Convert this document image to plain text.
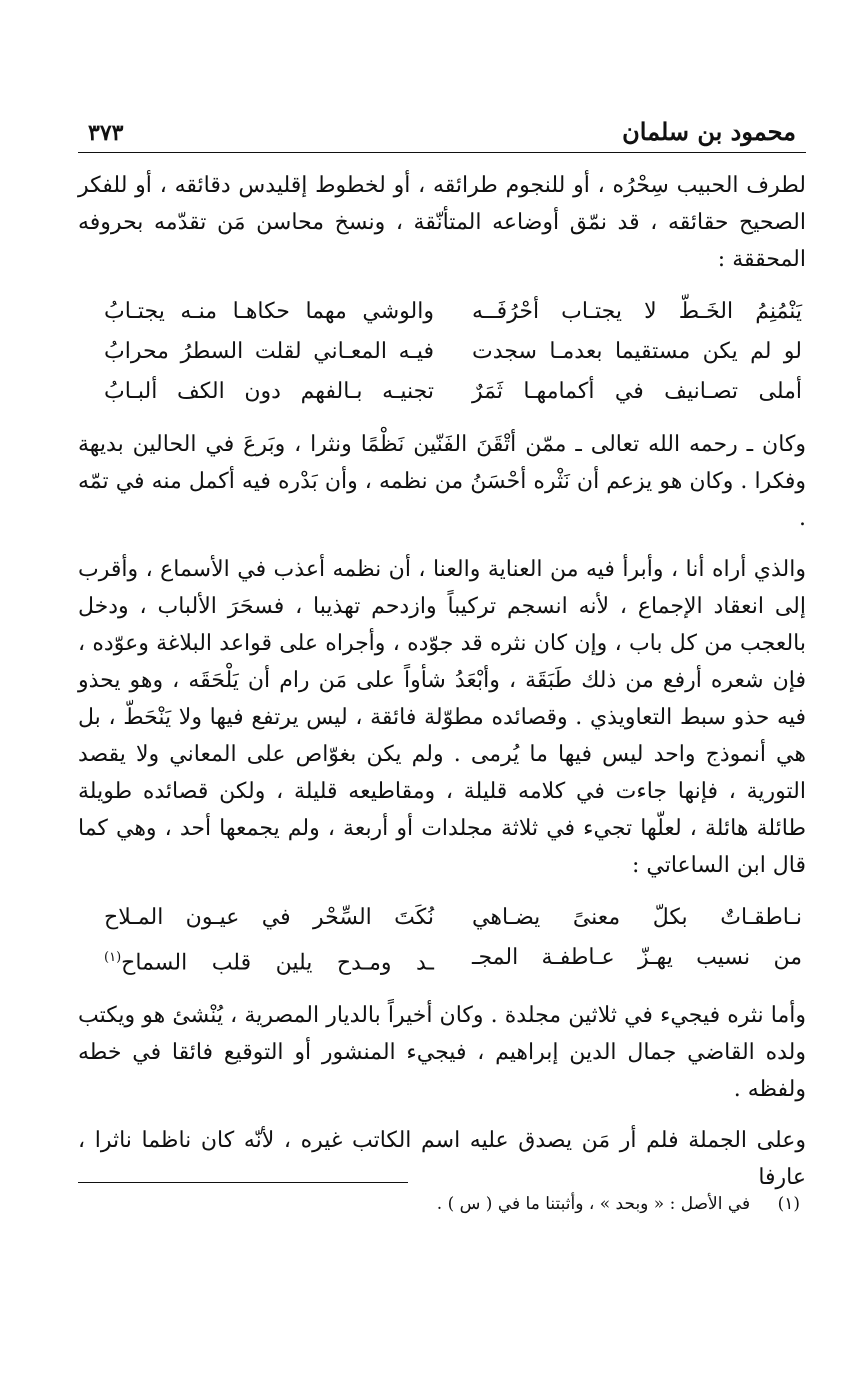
محمود بن سلمان
٣٧٣

لطرف الحبيب سِحْرُه ، أو للنجوم طرائقه ، أو لخطوط إقليدس دقائقه ، أو للفكر الصحيح حقائقه ، قد نمّق أوضاعه المتأنّقة ، ونسخ محاسن مَن تقدّمه بحروفه المحققة :

يَنْمُنِمُ الخَـطّ لا يجتـاب أحْرُفَــه
والوشي مهما حكاهـا منـه يجتـابُ
لو لم يكن مستقيما بعدمـا سجدت
فيـه المعـاني لقلت السطرُ محرابُ
أملى تصـانيف في أكمامهـا ثَمَرٌ
تجنيـه بـالفهم دون الكف ألبـابُ

وكان ـ رحمه الله تعالى ـ ممّن أتْقَنَ الفَنّين نَظْمًا ونثرا ، وبَرعَ في الحالين بديهة وفكرا . وكان هو يزعم أن نَثْره أحْسَنُ من نظمه ، وأن بَدْره فيه أكمل منه في تمّه .

والذي أراه أنا ، وأبرأ فيه من العناية والعنا ، أن نظمه أعذب في الأسماع ، وأقرب إلى انعقاد الإجماع ، لأنه انسجم تركيباً وازدحم تهذيبا ، فسحَرَ الألباب ، ودخل بالعجب من كل باب ، وإن كان نثره قد جوّده ، وأجراه على قواعد البلاغة وعوّده ، فإن شعره أرفع من ذلك طَبَقَة ، وأبْعَدُ شأواً على مَن رام أن يَلْحَقَه ، وهو يحذو فيه حذو سبط التعاويذي . وقصائده مطوّلة فائقة ، ليس يرتفع فيها ولا يَنْحَطّ ، بل هي أنموذج واحد ليس فيها ما يُرمى . ولم يكن بغوّاص على المعاني ولا يقصد التورية ، فإنها جاءت في كلامه قليلة ، ومقاطيعه قليلة ، ولكن قصائده طويلة طائلة هائلة ، لعلّها تجيء في ثلاثة مجلدات أو أربعة ، ولم يجمعها أحد ، وهي كما قال ابن الساعاتي :

نـاطقـاتٌ بكلّ معنىً يضـاهي
نُكَتَ السِّحْر في عيـون المـلاح
من نسيب يهـزّ عـاطفـة المجـ
ـد ومـدح يلين قلب السماح$^{(١)}$

وأما نثره فيجيء في ثلاثين مجلدة . وكان أخيراً بالديار المصرية ، يُنْشئ هو ويكتب ولده القاضي جمال الدين إبراهيم ، فيجيء المنشور أو التوقيع فائقا في خطه ولفظه .

وعلى الجملة فلم أر مَن يصدق عليه اسم الكاتب غيره ، لأنّه كان ناظما ناثرا ، عارفا

(١) في الأصل : « وبحد » ، وأثبتنا ما في ( س ) .
